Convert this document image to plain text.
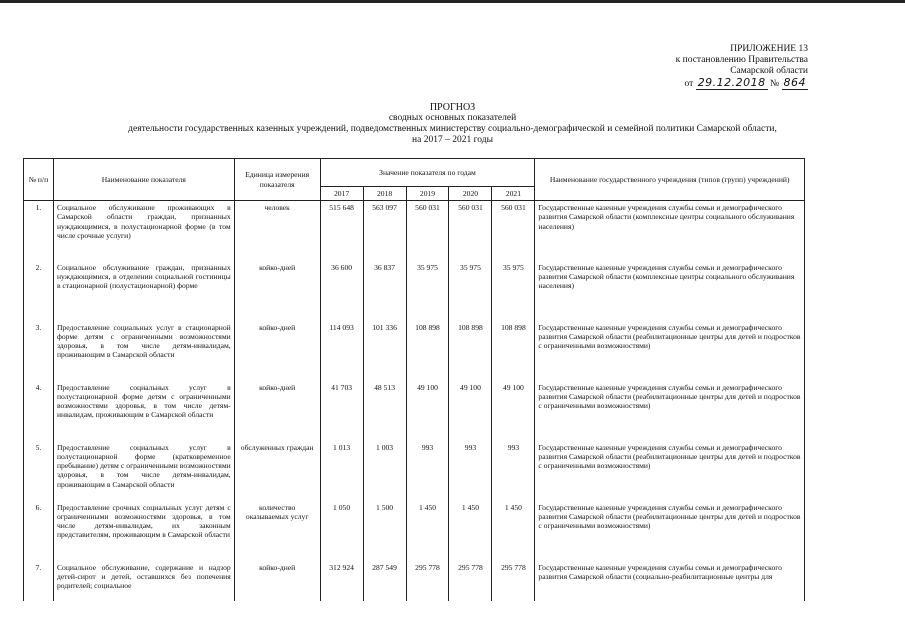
ПРИЛОЖЕНИЕ 13
к постановлению Правительства
Самарской области
от 29.12.2018 № 864
ПРОГНОЗ
сводных основных показателей
деятельности государственных казенных учреждений, подведомственных министерству социально-демографической и семейной политики Самарской области,
на 2017 – 2021 годы
№ п/п	Наименование показателя	Единица измерения показателя	Значение показателя по годам					Наименование государственного учреждения (типов (групп) учреждений)
			2017	2018	2019	2020	2021	
1.	Социальное обслуживание проживающих в Самарской области граждан, признанных нуждающимися, в полустационарной форме (в том числе срочные услуги)	человек	515 648	563 097	560 031	560 031	560 031	Государственные казенные учреждения службы семьи и демографического развития Самарской области (комплексные центры социального обслуживания населения)
2.	Социальное обслуживание граждан, признанных нуждающимися, в отделении социальной гостиницы в стационарной (полустационарной) форме	койко-дней	36 600	36 837	35 975	35 975	35 975	Государственные казенные учреждения службы семьи и демографического развития Самарской области (комплексные центры социального обслуживания населения)
3.	Предоставление социальных услуг в стационарной форме детям с ограниченными возможностями здоровья, в том числе детям-инвалидам, проживающим в Самарской области	койко-дней	114 093	101 336	108 898	108 898	108 898	Государственные казенные учреждения службы семьи и демографического развития Самарской области (реабилитационные центры для детей и подростков с ограниченными возможностями)
4.	Предоставление социальных услуг в полустационарной форме детям с ограниченными возможностями здоровья, в том числе детям-инвалидам, проживающим в Самарской области	койко-дней	41 703	48 513	49 100	49 100	49 100	Государственные казенные учреждения службы семьи и демографического развития Самарской области (реабилитационные центры для детей и подростков с ограниченными возможностями)
5.	Предоставление социальных услуг в полустационарной форме (кратковременное пребывание) детям с ограниченными возможностями здоровья, в том числе детям-инвалидам, проживающим в Самарской области	обслуженных граждан	1 013	1 003	993	993	993	Государственные казенные учреждения службы семьи и демографического развития Самарской области (реабилитационные центры для детей и подростков с ограниченными возможностями)
6.	Предоставление срочных социальных услуг детям с ограниченными возможностями здоровья, в том числе детям-инвалидам, их законным представителям, проживающим в Самарской области	количество оказываемых услуг	1 050	1 500	1 450	1 450	1 450	Государственные казенные учреждения службы семьи и демографического развития Самарской области (реабилитационные центры для детей и подростков с ограниченными возможностями)
7.	Социальное обслуживание, содержание и надзор детей-сирот и детей, оставшихся без попечения родителей; социальное	койко-дней	312 924	287 549	295 778	295 778	295 778	Государственные казенные учреждения службы семьи и демографического развития Самарской области (социально-реабилитационные центры для
